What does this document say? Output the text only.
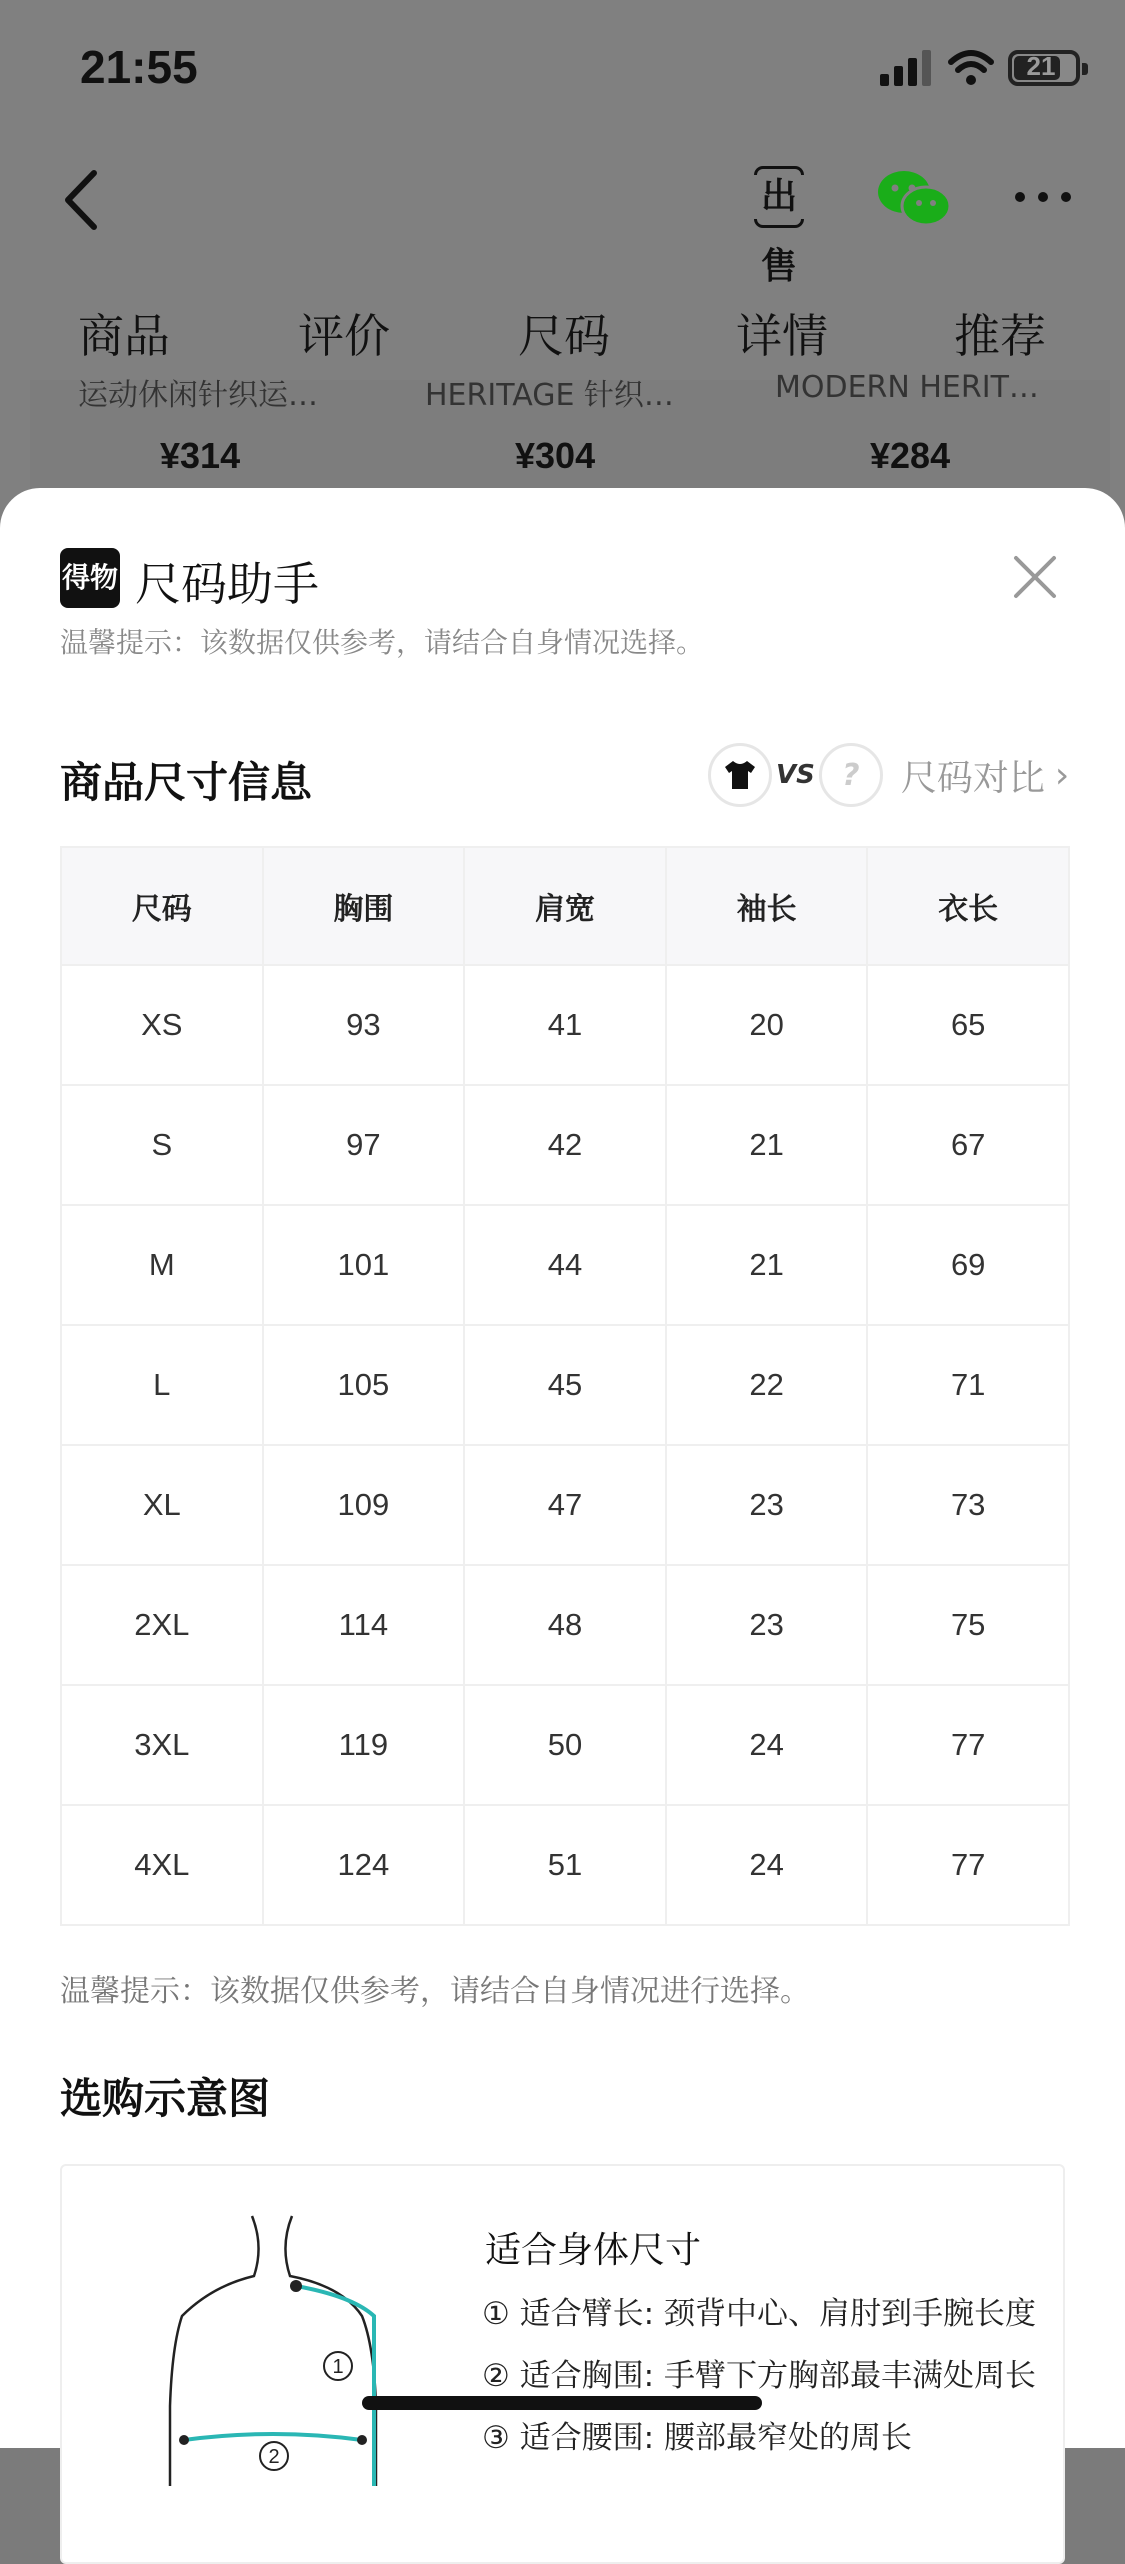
21:55	21
出售
商品	评价	尺码	详情	推荐
运动休闲针织运…
¥314
HERITAGE 针织…
¥304
MODERN HERIT…
¥284
得物 尺码助手
温馨提示：该数据仅供参考，请结合自身情况选择。
商品尺寸信息	VS ? 尺码对比 ›
尺码	胸围	肩宽	袖长	衣长
XS	93	41	20	65
S	97	42	21	67
M	101	44	21	69
L	105	45	22	71
XL	109	47	23	73
2XL	114	48	23	75
3XL	119	50	24	77
4XL	124	51	24	77
温馨提示：该数据仅供参考，请结合自身情况进行选择。
选购示意图
1
2
适合身体尺寸
① 适合臂长: 颈背中心、肩肘到手腕长度
② 适合胸围: 手臂下方胸部最丰满处周长
③ 适合腰围: 腰部最窄处的周长
